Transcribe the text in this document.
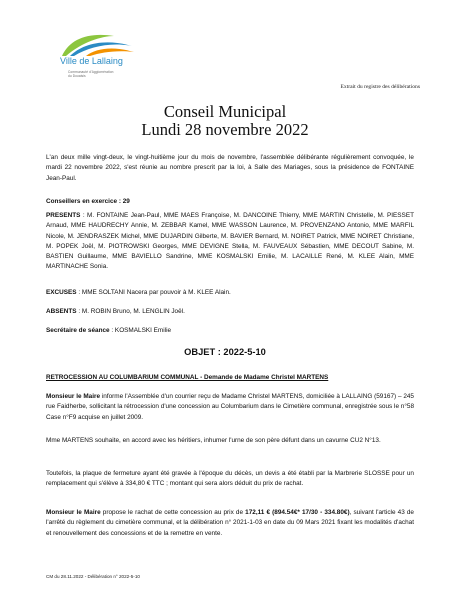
Ville de Lallaing
Communauté d'Agglomération
du Douaisis
Extrait du registre des délibérations
Conseil Municipal
Lundi 28 novembre 2022
L'an deux mille vingt-deux, le vingt-huitième jour du mois de novembre, l'assemblée délibérante régulièrement convoquée, le mardi 22 novembre 2022, s'est réunie au nombre prescrit par la loi, à Salle des Mariages, sous la présidence de FONTAINE Jean-Paul.
Conseillers en exercice : 29
PRESENTS : M. FONTAINE Jean-Paul, MME MAES Françoise, M. DANCOINE Thierry, MME MARTIN Christelle, M. PIESSET Arnaud, MME HAUDRECHY Annie, M. ZEBBAR Kamel, MME WASSON Laurence, M. PROVENZANO Antonio, MME MARFIL Nicole, M. JENDRASZEK Michel, MME DUJARDIN Gilberte, M. BAVIER Bernard, M. NOIRET Patrick, MME NOIRET Christiane, M. POPEK Joël, M. PIOTROWSKI Georges, MME DEVIGNE Stella, M. FAUVEAUX Sébastien, MME DECOUT Sabine, M. BASTIEN Guillaume, MME BAVIELLO Sandrine, MME KOSMALSKI Emilie, M. LACAILLE René, M. KLEE Alain, MME MARTINACHE Sonia.
EXCUSES : MME SOLTANI Nacera par pouvoir à M. KLEE Alain.
ABSENTS : M. ROBIN Bruno, M. LENGLIN Joël.
Secrétaire de séance : KOSMALSKI Emilie
OBJET : 2022-5-10
RETROCESSION AU COLUMBARIUM COMMUNAL - Demande de Madame Christel MARTENS
Monsieur le Maire informe l'Assemblée d'un courrier reçu de Madame Christel MARTENS, domiciliée à LALLAING (59167) – 245 rue Faidherbe, sollicitant la rétrocession d'une concession au Columbarium dans le Cimetière communal, enregistrée sous le n°58 Case n°F9 acquise en juillet 2009.
Mme MARTENS souhaite, en accord avec les héritiers, inhumer l'urne de son père défunt dans un cavurne CU2 N°13.
Toutefois, la plaque de fermeture ayant été gravée à l'époque du décès, un devis a été établi par la Marbrerie SLOSSE pour un remplacement qui s'élève à 334,80 € TTC ; montant qui sera alors déduit du prix de rachat.
Monsieur le Maire propose le rachat de cette concession au prix de 172,11 € (894.54€* 17/30 - 334.80€), suivant l'article 43 de l'arrêté du règlement du cimetière communal, et la délibération n° 2021-1-03 en date du 09 Mars 2021 fixant les modalités d'achat et renouvellement des concessions et de la remettre en vente.
CM du 28.11.2022 - Délibération n° 2022-5-10
